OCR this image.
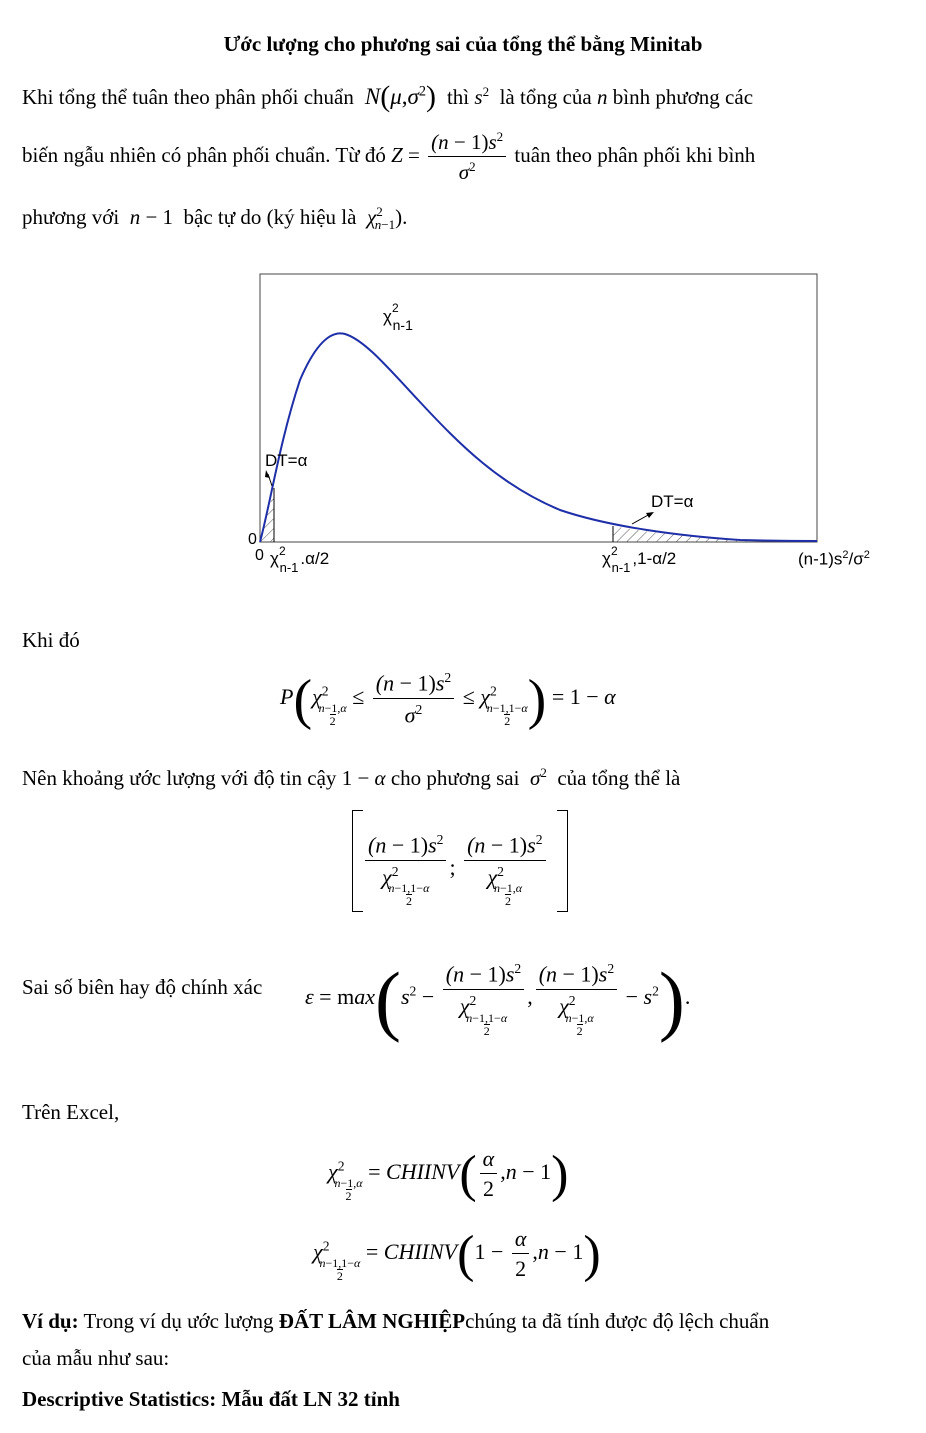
Ước lượng cho phương sai của tổng thể bằng Minitab
Khi tổng thể tuân theo phân phối chuẩn  $N(\mu,\sigma^2)$ thì $s^2$ là tổng của n bình phương các
biến ngẫu nhiên có phân phối chuẩn. Từ đó $Z = \frac{(n - 1)s^2}{\sigma^2}$ tuân theo phân phối khi bình
phương với  n − 1 bậc tự do (ký hiệu là  $\chi^2_{n-1}$).
$\chi^2_{n-1}$
DT=α
DT=α
0
0 $\chi^2_{n-1}$ .α/2	$\chi^2_{n-1}$ ,1-α/2	$(n-1)s^2/\sigma^2$
Khi đó
$P(\chi^2$
$\frac{n-1,\alpha}{2}$
≤ $\frac{(n - 1)s^2}{\sigma^2} \le \chi^2$
$\frac{n-1,1-\alpha}{2}$ ) = 1 − α
Nên khoảng ước lượng với độ tin cậy 1 − α cho phương sai  $\sigma^2$ của tổng thể là
$(n - 1)s^2$
$\chi^2$
$\frac{n-1,1-\alpha}{2}$ ; $(n - 1)s^2$
$\chi^2$
$\frac{n-1,\alpha}{2}$
Sai số biên hay độ chính xác $\varepsilon = \max(s^2 - (n - 1)s^2$
$\chi^2$
$\frac{n-1,1-\alpha}{2}$ , $(n - 1)s^2$
$\chi^2$
$\frac{n-1,\alpha}{2} - s^2$).
Trên Excel,
$\chi^2$
$\frac{n-1,\alpha}{2}$
= CHIINV( $\frac{\alpha}{2} ,n - 1$)
$\chi^2$
$\frac{n-1,1-\alpha}{2}$
= CHIINV(1 − $\frac{\alpha}{2} ,n - 1$)
Ví dụ: Trong ví dụ ước lượng ĐẤT LÂM NGHIỆPchúng ta đã tính được độ lệch chuẩn
của mẫu như sau:
Descriptive Statistics: Mẫu đất LN 32 tỉnh
